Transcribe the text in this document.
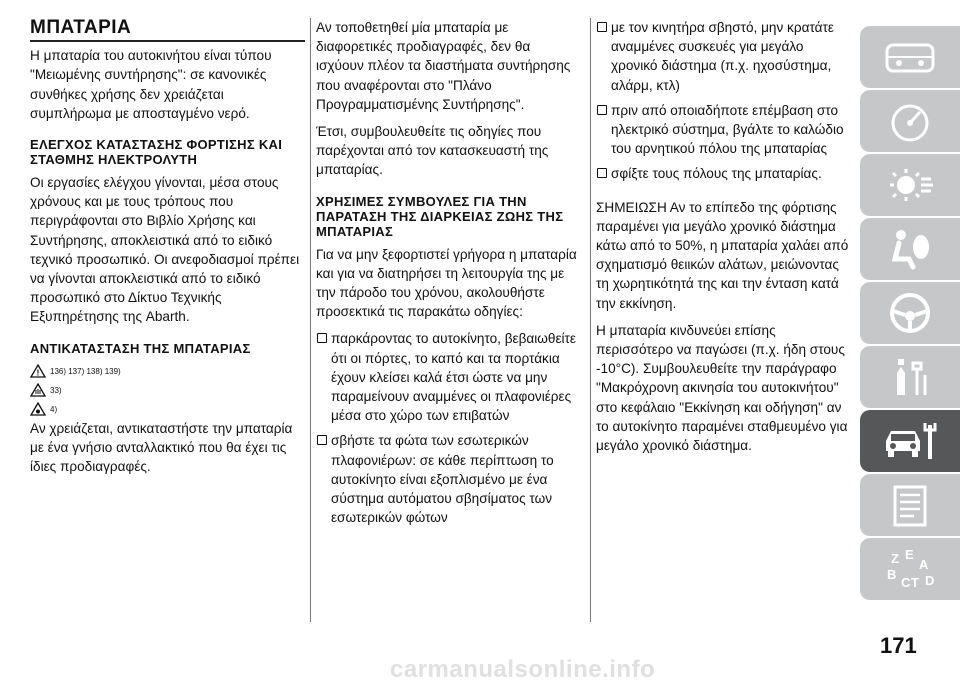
ΜΠΑΤΑΡΙΑ

Η μπαταρία του αυτοκινήτου είναι τύπου "Μειωμένης συντήρησης": σε κανονικές συνθήκες χρήσης δεν χρειάζεται συμπλήρωμα με αποσταγμένο νερό.

ΕΛΕΓΧΟΣ ΚΑΤΑΣΤΑΣΗΣ ΦΟΡΤΙΣΗΣ ΚΑΙ ΣΤΑΘΜΗΣ ΗΛΕΚΤΡΟΛΥΤΗ

Οι εργασίες ελέγχου γίνονται, μέσα στους χρόνους και με τους τρόπους που περιγράφονται στο Βιβλίο Χρήσης και Συντήρησης, αποκλειστικά από το ειδικό τεχνικό προσωπικό. Οι ανεφοδιασμοί πρέπει να γίνονται αποκλειστικά από το ειδικό προσωπικό στο Δίκτυο Τεχνικής Εξυπηρέτησης της Abarth.

ΑΝΤΙΚΑΤΑΣΤΑΣΗ ΤΗΣ ΜΠΑΤΑΡΙΑΣ
! 136) 137) 138) 139)
33)
4)

Αν χρειάζεται, αντικαταστήστε την μπαταρία με ένα γνήσιο ανταλλακτικό που θα έχει τις ίδιες προδιαγραφές.

Αν τοποθετηθεί μία μπαταρία με διαφορετικές προδιαγραφές, δεν θα ισχύουν πλέον τα διαστήματα συντήρησης που αναφέρονται στο "Πλάνο Προγραμματισμένης Συντήρησης".

Έτσι, συμβουλευθείτε τις οδηγίες που παρέχονται από τον κατασκευαστή της μπαταρίας.

ΧΡΗΣΙΜΕΣ ΣΥΜΒΟΥΛΕΣ ΓΙΑ ΤΗΝ ΠΑΡΑΤΑΣΗ ΤΗΣ ΔΙΑΡΚΕΙΑΣ ΖΩΗΣ ΤΗΣ ΜΠΑΤΑΡΙΑΣ

Για να μην ξεφορτιστεί γρήγορα η μπαταρία και για να διατηρήσει τη λειτουργία της με την πάροδο του χρόνου, ακολουθήστε προσεκτικά τις παρακάτω οδηγίες:

παρκάροντας το αυτοκίνητο, βεβαιωθείτε ότι οι πόρτες, το καπό και τα πορτάκια έχουν κλείσει καλά έτσι ώστε να μην παραμείνουν αναμμένες οι πλαφονιέρες μέσα στο χώρο των επιβατών
σβήστε τα φώτα των εσωτερικών πλαφονιέρων: σε κάθε περίπτωση το αυτοκίνητο είναι εξοπλισμένο με ένα σύστημα αυτόματου σβησίματος των εσωτερικών φώτων
με τον κινητήρα σβηστό, μην κρατάτε αναμμένες συσκευές για μεγάλο χρονικό διάστημα (π.χ. ηχοσύστημα, αλάρμ, κτλ)
πριν από οποιαδήποτε επέμβαση στο ηλεκτρικό σύστημα, βγάλτε το καλώδιο του αρνητικού πόλου της μπαταρίας
σφίξτε τους πόλους της μπαταρίας.

ΣΗΜΕΙΩΣΗ Αν το επίπεδο της φόρτισης παραμένει για μεγάλο χρονικό διάστημα κάτω από το 50%, η μπαταρία χαλάει από σχηματισμό θειικών αλάτων, μειώνοντας τη χωρητικότητά της και την ένταση κατά την εκκίνηση.

Η μπαταρία κινδυνεύει επίσης περισσότερο να παγώσει (π.χ. ήδη στους -10°C). Συμβουλευθείτε την παράγραφο "Μακρόχρονη ακινησία του αυτοκινήτου" στο κεφάλαιο "Εκκίνηση και οδήγηση" αν το αυτοκίνητο παραμένει σταθμευμένο για μεγάλο χρονικό διάστημα.

Z E
A
B
C T D
171
carmanualsonline.info
